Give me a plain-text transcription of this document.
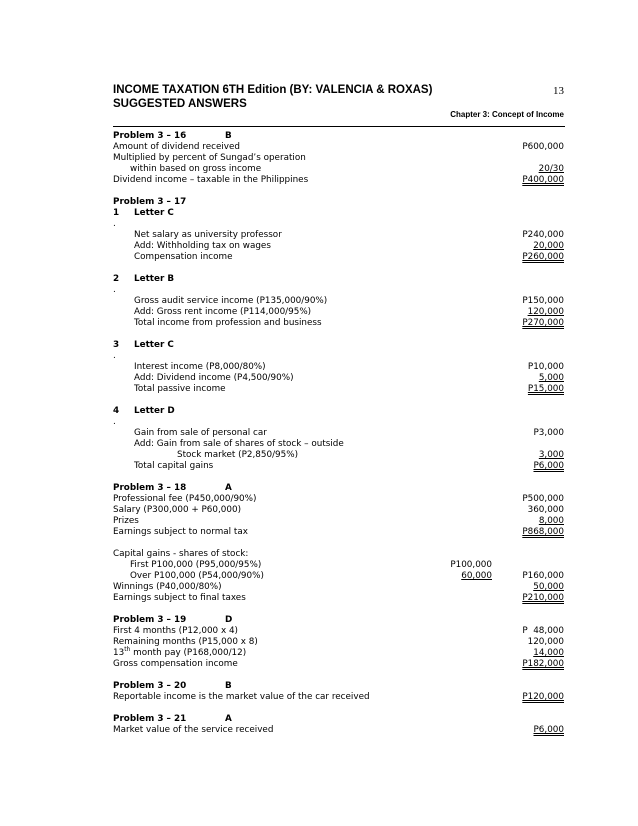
INCOME TAXATION 6TH Edition (BY: VALENCIA & ROXAS)
SUGGESTED ANSWERS
13
Chapter 3: Concept of Income
Problem 3 – 16	B
Amount of dividend received	P600,000
Multiplied by percent of Sungad’s operation
within based on gross income	20/30
Dividend income – taxable in the Philippines	P400,000
Problem 3 – 17
1 Letter C
.
Net salary as university professor	P240,000
Add: Withholding tax on wages	20,000
Compensation income	P260,000
2 Letter B
.
Gross audit service income (P135,000/90%)	P150,000
Add: Gross rent income (P114,000/95%)	120,000
Total income from profession and business	P270,000
3 Letter C
.
Interest income (P8,000/80%)	P10,000
Add: Dividend income (P4,500/90%)	5,000
Total passive income	P15,000
4 Letter D
.
Gain from sale of personal car	P3,000
Add: Gain from sale of shares of stock – outside
Stock market (P2,850/95%)	3,000
Total capital gains	P6,000
Problem 3 – 18	A
Professional fee (P450,000/90%)	P500,000
Salary (P300,000 + P60,000)	360,000
Prizes	8,000
Earnings subject to normal tax	P868,000
Capital gains - shares of stock:
First P100,000 (P95,000/95%)	P100,000
Over P100,000 (P54,000/90%)	60,000	P160,000
Winnings (P40,000/80%)	50,000
Earnings subject to final taxes	P210,000
Problem 3 – 19	D
First 4 months (P12,000 x 4)	P  48,000
Remaining months (P15,000 x 8)	120,000
13th month pay (P168,000/12)	14,000
Gross compensation income	P182,000
Problem 3 – 20	B
Reportable income is the market value of the car received	P120,000
Problem 3 – 21	A
Market value of the service received	P6,000
